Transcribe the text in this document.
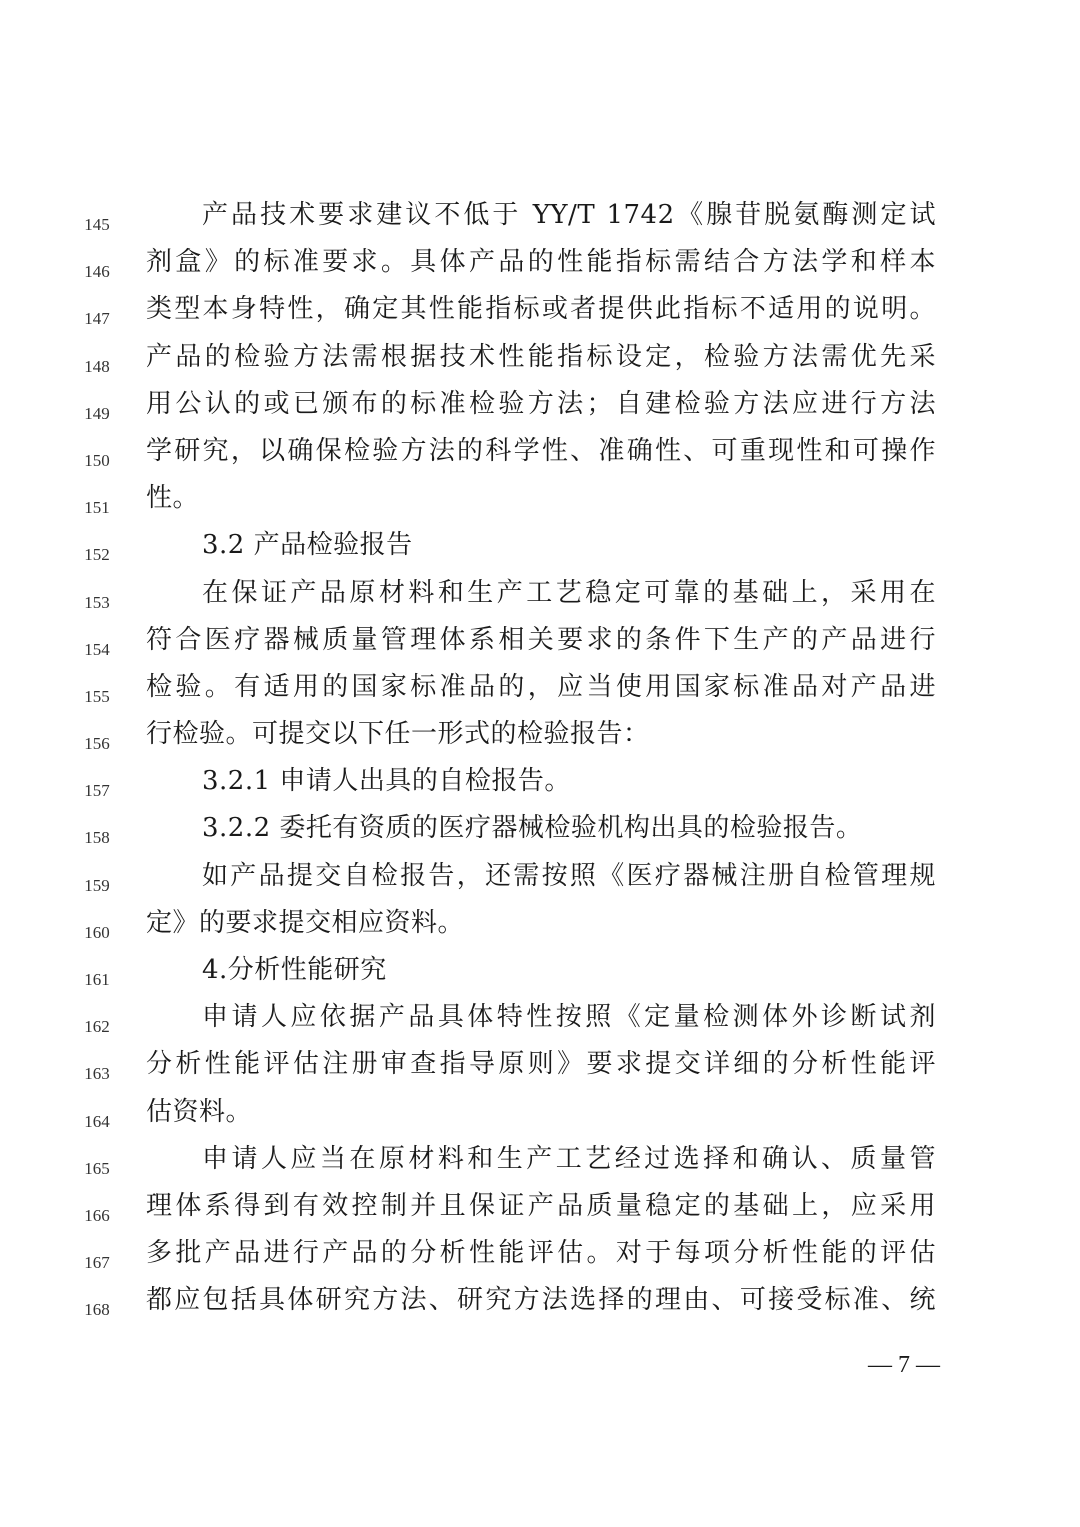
145	产品技术要求建议不低于 YY/T 1742《腺苷脱氨酶测定试
146	剂盒》的标准要求。具体产品的性能指标需结合方法学和样本
147	类型本身特性，确定其性能指标或者提供此指标不适用的说明。
148	产品的检验方法需根据技术性能指标设定，检验方法需优先采
149	用公认的或已颁布的标准检验方法；自建检验方法应进行方法
150	学研究，以确保检验方法的科学性、准确性、可重现性和可操作
151	性。
152	3.2 产品检验报告
153	在保证产品原材料和生产工艺稳定可靠的基础上，采用在
154	符合医疗器械质量管理体系相关要求的条件下生产的产品进行
155	检验。有适用的国家标准品的，应当使用国家标准品对产品进
156	行检验。可提交以下任一形式的检验报告：
157	3.2.1 申请人出具的自检报告。
158	3.2.2 委托有资质的医疗器械检验机构出具的检验报告。
159	如产品提交自检报告，还需按照《医疗器械注册自检管理规
160	定》的要求提交相应资料。
161	4.分析性能研究
162	申请人应依据产品具体特性按照《定量检测体外诊断试剂
163	分析性能评估注册审查指导原则》要求提交详细的分析性能评
164	估资料。
165	申请人应当在原材料和生产工艺经过选择和确认、质量管
166	理体系得到有效控制并且保证产品质量稳定的基础上，应采用
167	多批产品进行产品的分析性能评估。对于每项分析性能的评估
168	都应包括具体研究方法、研究方法选择的理由、可接受标准、统
— 7 —
